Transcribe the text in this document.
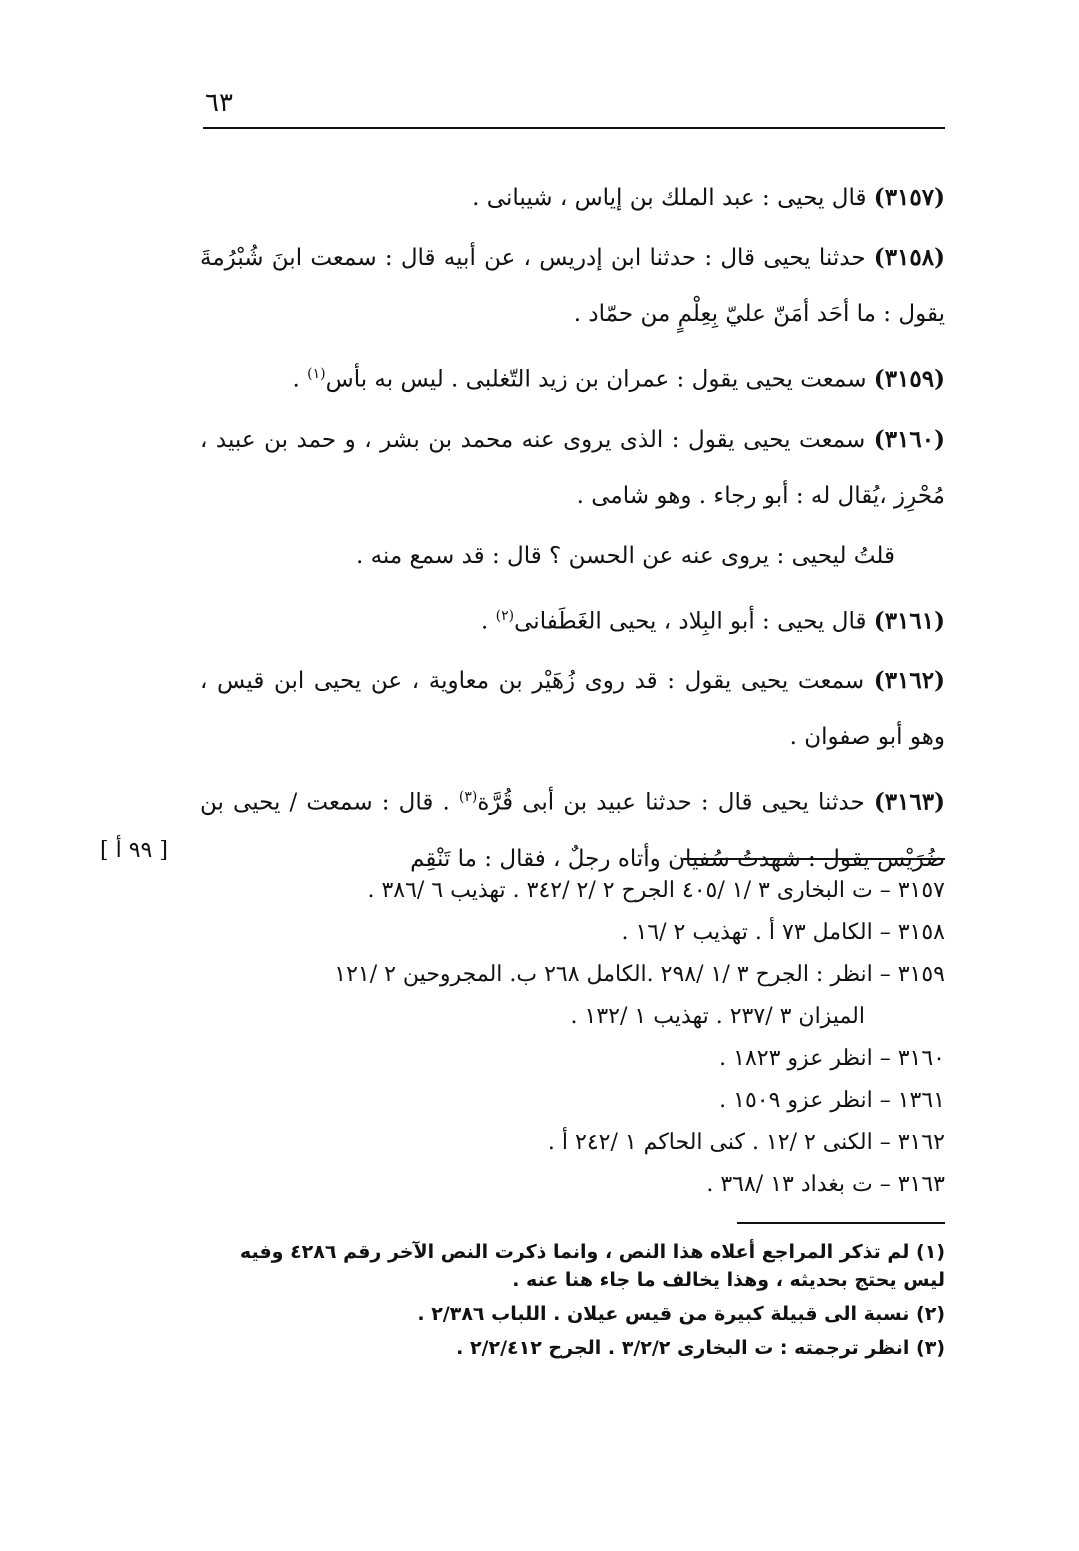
٦٣

(٣١٥٧) قال يحيى : عبد الملك بن إياس ، شيبانى .

(٣١٥٨) حدثنا يحيى قال : حدثنا ابن إدريس ، عن أبيه قال : سمعت ابنَ شُبْرُمةَ يقول : ما أحَد أمَنّ عليّ بِعِلْمٍ من حمّاد .

(٣١٥٩) سمعت يحيى يقول : عمران بن زيد التّغلبى . ليس به بأس$^{(١)}$ .

(٣١٦٠) سمعت يحيى يقول : الذى يروى عنه محمد بن بشر ، و حمد بن عبيد ، مُحْرِز ،يُقال له : أبو رجاء . وهو شامى .

قلتُ ليحيى : يروى عنه عن الحسن ؟ قال : قد سمع منه .

(٣١٦١) قال يحيى : أبو البِلاد ، يحيى الغَطَفانى$^{(٢)}$ .

(٣١٦٢) سمعت يحيى يقول : قد روى زُهَيْر بن معاوية ، عن يحيى ابن قيس ، وهو أبو صفوان .

(٣١٦٣) حدثنا يحيى قال : حدثنا عبيد بن أبى قُرَّة$^{(٣)}$ . قال : سمعت / يحيى بن ضُرَيْس يقول : شهدتُ سُفيان وأتاه رجلٌ ، فقال : ما تَنْقِم
[ ٩٩ أ ]

٣١٥٧ – ت البخارى ٣ /١ /٤٠٥ الجرح ٢ /٢ /٣٤٢ . تهذيب ٦ /٣٨٦ .

٣١٥٨ – الكامل ٧٣ أ . تهذيب ٢ /١٦ .

٣١٥٩ – انظر : الجرح ٣ /١ /٢٩٨ .الكامل ٢٦٨ ب. المجروحين ٢ /١٢١

الميزان ٣ /٢٣٧ . تهذيب ١ /١٣٢ .

٣١٦٠ – انظر عزو ١٨٢٣ .

١٣٦١ – انظر عزو ١٥٠٩ .

٣١٦٢ – الكنى ٢ /١٢ . كنى الحاكم ١ /٢٤٢ أ .

٣١٦٣ – ت بغداد ١٣ /٣٦٨ .

(١) لم تذكر المراجع أعلاه هذا النص ، وانما ذكرت النص الآخر رقم ٤٢٨٦ وفيه ليس يحتج بحديثه ، وهذا يخالف ما جاء هنا عنه .

(٢) نسبة الى قبيلة كبيرة من قيس عيلان . اللباب ٢/٣٨٦ .

(٣) انظر ترجمته : ت البخارى ٣/٢/٢ . الجرح ٢/٢/٤١٢ .
